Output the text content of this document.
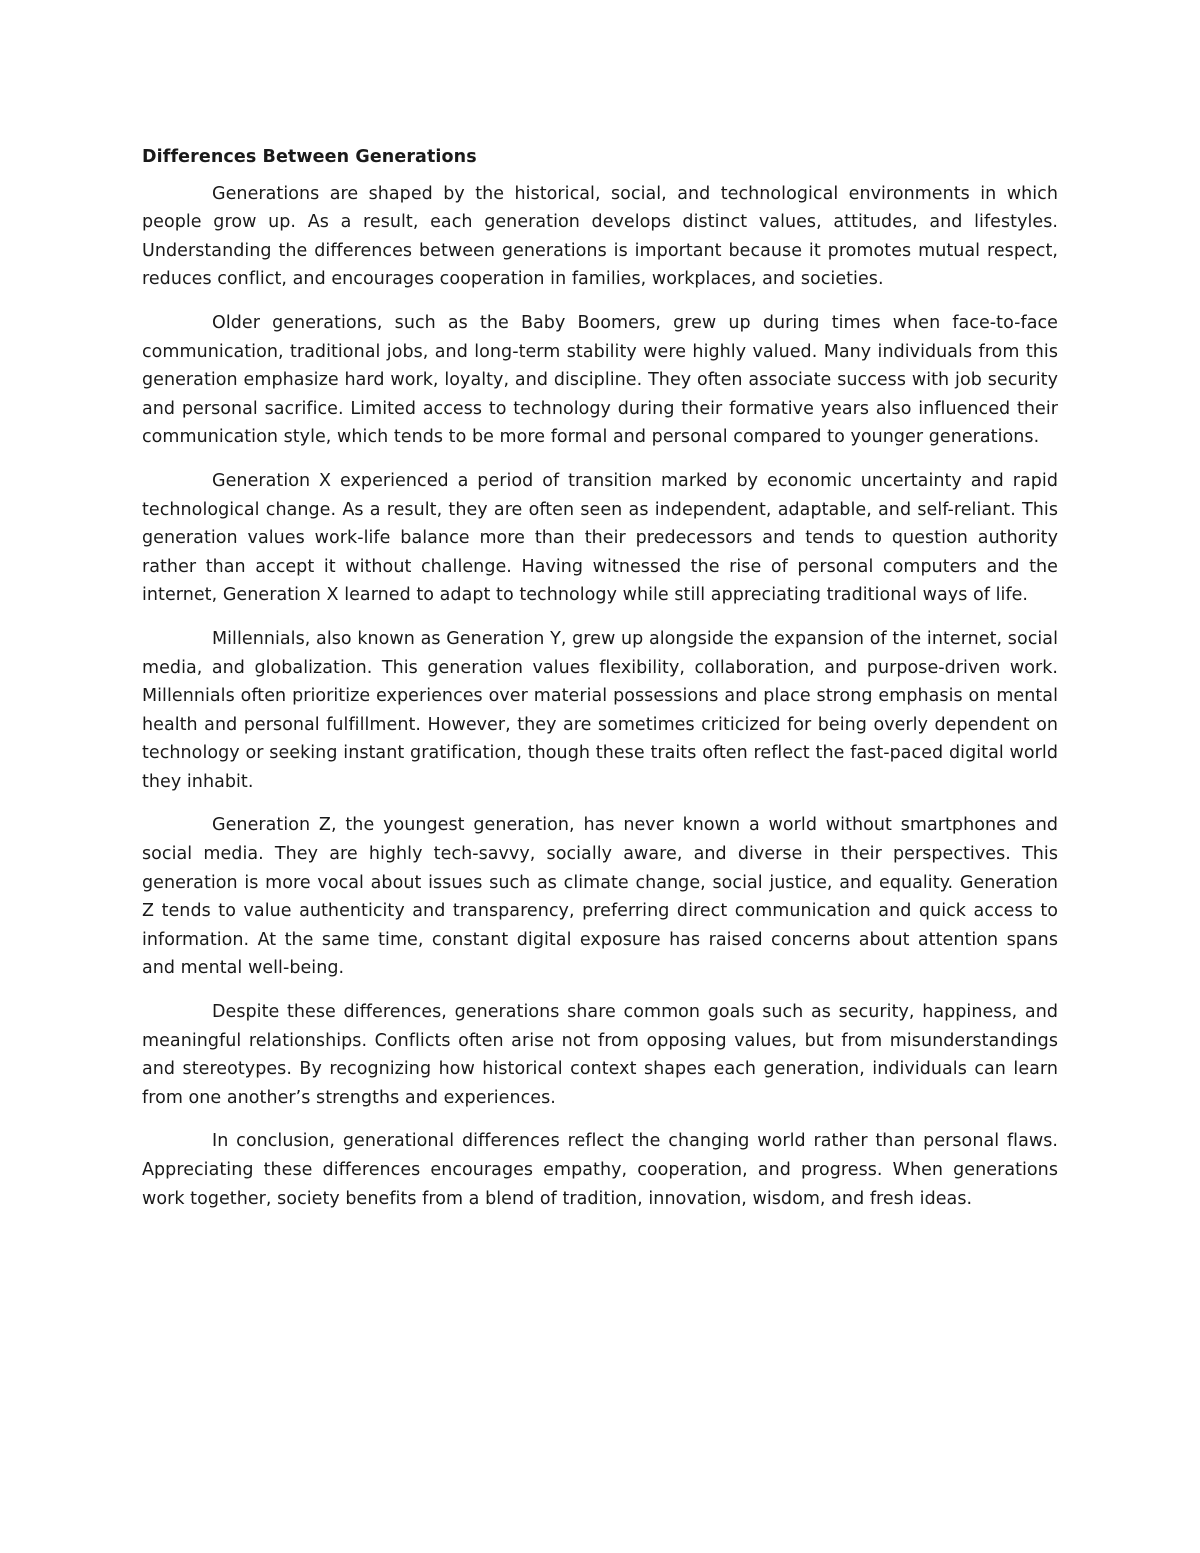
Differences Between Generations

Generations are shaped by the historical, social, and technological environments in which people grow up. As a result, each generation develops distinct values, attitudes, and lifestyles. Understanding the differences between generations is important because it promotes mutual respect, reduces conflict, and encourages cooperation in families, workplaces, and societies.

Older generations, such as the Baby Boomers, grew up during times when face-to-face communication, traditional jobs, and long-term stability were highly valued. Many individuals from this generation emphasize hard work, loyalty, and discipline. They often associate success with job security and personal sacrifice. Limited access to technology during their formative years also influenced their communication style, which tends to be more formal and personal compared to younger generations.

Generation X experienced a period of transition marked by economic uncertainty and rapid technological change. As a result, they are often seen as independent, adaptable, and self-reliant. This generation values work-life balance more than their predecessors and tends to question authority rather than accept it without challenge. Having witnessed the rise of personal computers and the internet, Generation X learned to adapt to technology while still appreciating traditional ways of life.

Millennials, also known as Generation Y, grew up alongside the expansion of the internet, social media, and globalization. This generation values flexibility, collaboration, and purpose-driven work. Millennials often prioritize experiences over material possessions and place strong emphasis on mental health and personal fulfillment. However, they are sometimes criticized for being overly dependent on technology or seeking instant gratification, though these traits often reflect the fast-paced digital world they inhabit.

Generation Z, the youngest generation, has never known a world without smartphones and social media. They are highly tech-savvy, socially aware, and diverse in their perspectives. This generation is more vocal about issues such as climate change, social justice, and equality. Generation Z tends to value authenticity and transparency, preferring direct communication and quick access to information. At the same time, constant digital exposure has raised concerns about attention spans and mental well-being.

Despite these differences, generations share common goals such as security, happiness, and meaningful relationships. Conflicts often arise not from opposing values, but from misunderstandings and stereotypes. By recognizing how historical context shapes each generation, individuals can learn from one another’s strengths and experiences.

In conclusion, generational differences reflect the changing world rather than personal flaws. Appreciating these differences encourages empathy, cooperation, and progress. When generations work together, society benefits from a blend of tradition, innovation, wisdom, and fresh ideas.
